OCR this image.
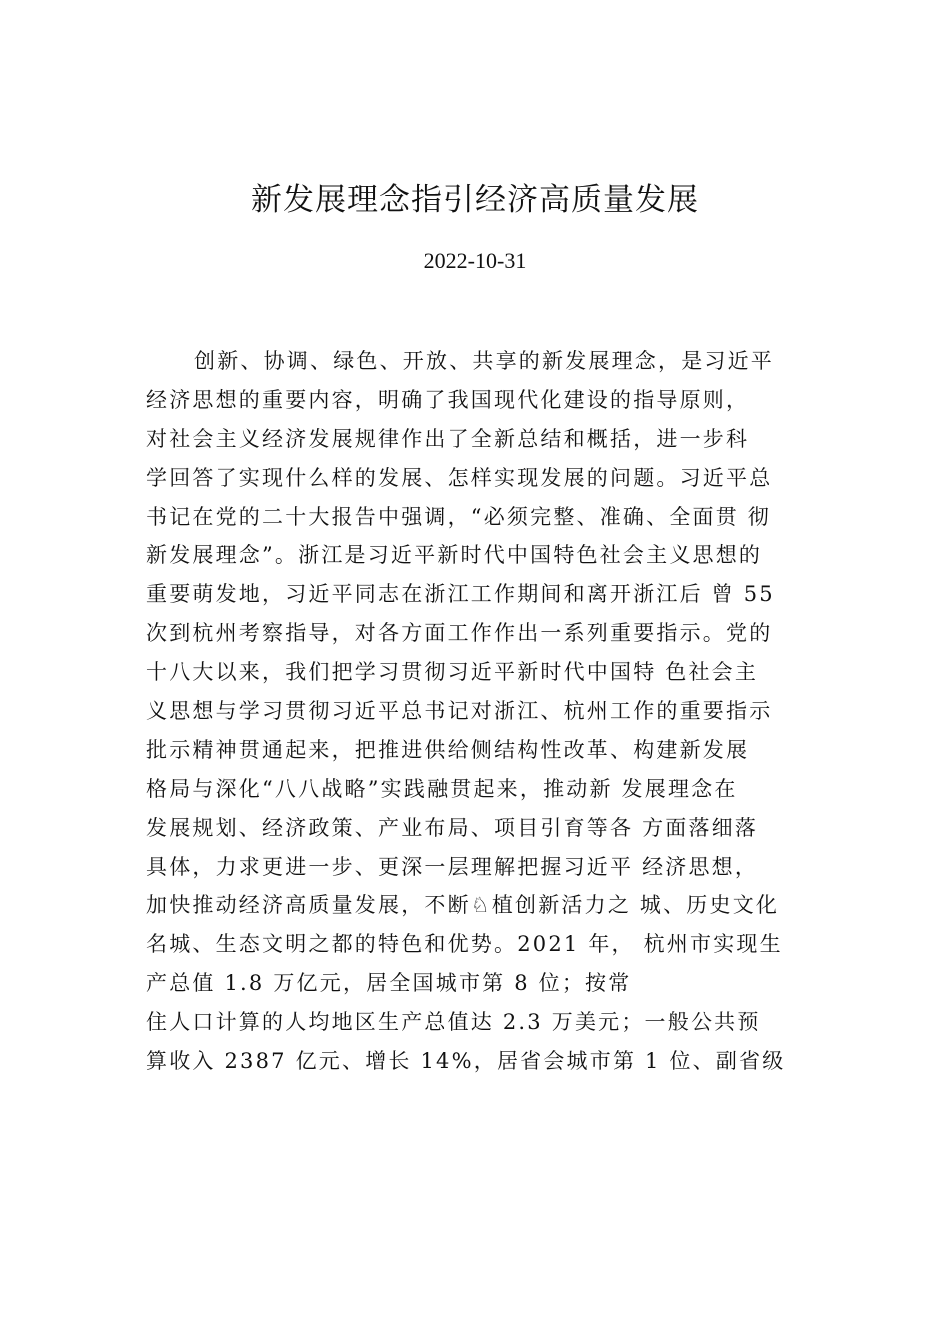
新发展理念指引经济高质量发展
2022-10-31
创新、协调、绿色、开放、共享的新发展理念，是习近平
经济思想的重要内容，明确了我国现代化建设的指导原则，
对社会主义经济发展规律作出了全新总结和概括，进一步科
学回答了实现什么样的发展、怎样实现发展的问题。习近平总
书记在党的二十大报告中强调，“必须完整、准确、全面贯 彻
新发展理念”。浙江是习近平新时代中国特色社会主义思想的
重要萌发地，习近平同志在浙江工作期间和离开浙江后 曾 55
次到杭州考察指导，对各方面工作作出一系列重要指示。党的
十八大以来，我们把学习贯彻习近平新时代中国特 色社会主
义思想与学习贯彻习近平总书记对浙江、杭州工作的重要指示
批示精神贯通起来，把推进供给侧结构性改革、构建新发展
格局与深化“八八战略”实践融贯起来，推动新 发展理念在
发展规划、经济政策、产业布局、项目引育等各 方面落细落
具体，力求更进一步、更深一层理解把握习近平 经济思想，
加快推动经济高质量发展，不断♘植创新活力之 城、历史文化
名城、生态文明之都的特色和优势。2021 年， 杭州市实现生
产总值 1.8 万亿元，居全国城市第 8 位；按常
住人口计算的人均地区生产总值达 2.3 万美元；一般公共预
算收入 2387 亿元、增长 14%，居省会城市第 1 位、副省级
